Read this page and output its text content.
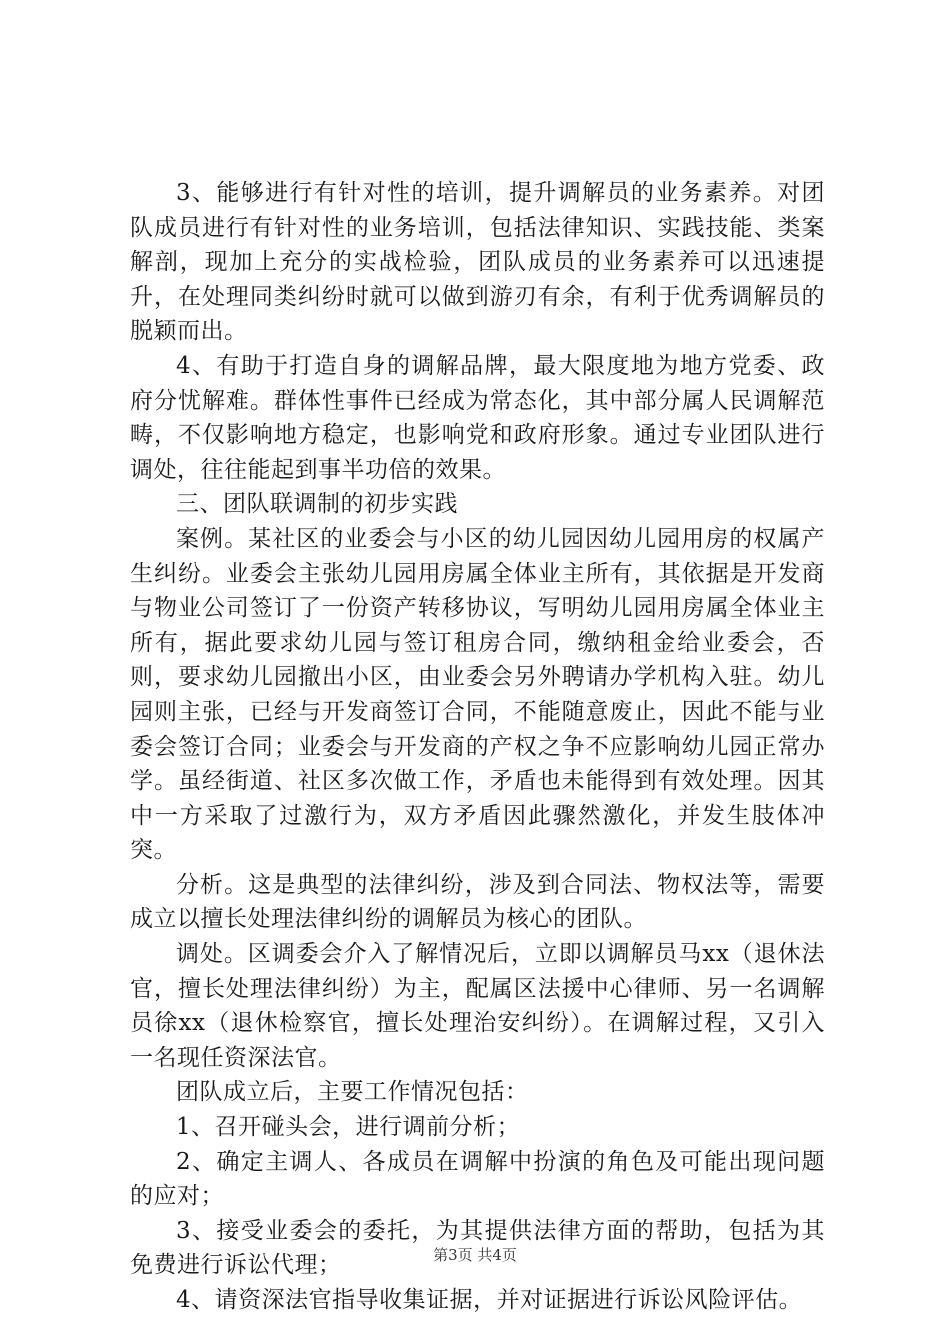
3、能够进行有针对性的培训，提升调解员的业务素养。对团队成员进行有针对性的业务培训，包括法律知识、实践技能、类案解剖，现加上充分的实战检验，团队成员的业务素养可以迅速提升，在处理同类纠纷时就可以做到游刃有余，有利于优秀调解员的脱颖而出。

4、有助于打造自身的调解品牌，最大限度地为地方党委、政府分忧解难。群体性事件已经成为常态化，其中部分属人民调解范畴，不仅影响地方稳定，也影响党和政府形象。通过专业团队进行调处，往往能起到事半功倍的效果。

三、团队联调制的初步实践

案例。某社区的业委会与小区的幼儿园因幼儿园用房的权属产生纠纷。业委会主张幼儿园用房属全体业主所有，其依据是开发商与物业公司签订了一份资产转移协议，写明幼儿园用房属全体业主所有，据此要求幼儿园与签订租房合同，缴纳租金给业委会，否则，要求幼儿园撤出小区，由业委会另外聘请办学机构入驻。幼儿园则主张，已经与开发商签订合同，不能随意废止，因此不能与业委会签订合同；业委会与开发商的产权之争不应影响幼儿园正常办学。虽经街道、社区多次做工作，矛盾也未能得到有效处理。因其中一方采取了过激行为，双方矛盾因此骤然激化，并发生肢体冲突。

分析。这是典型的法律纠纷，涉及到合同法、物权法等，需要成立以擅长处理法律纠纷的调解员为核心的团队。

调处。区调委会介入了解情况后，立即以调解员马xx（退休法官，擅长处理法律纠纷）为主，配属区法援中心律师、另一名调解员徐xx（退休检察官，擅长处理治安纠纷）。在调解过程，又引入一名现任资深法官。

团队成立后，主要工作情况包括：

1、召开碰头会，进行调前分析；

2、确定主调人、各成员在调解中扮演的角色及可能出现问题的应对；

3、接受业委会的委托，为其提供法律方面的帮助，包括为其免费进行诉讼代理；

4、请资深法官指导收集证据，并对证据进行诉讼风险评估。

第3页 共4页
